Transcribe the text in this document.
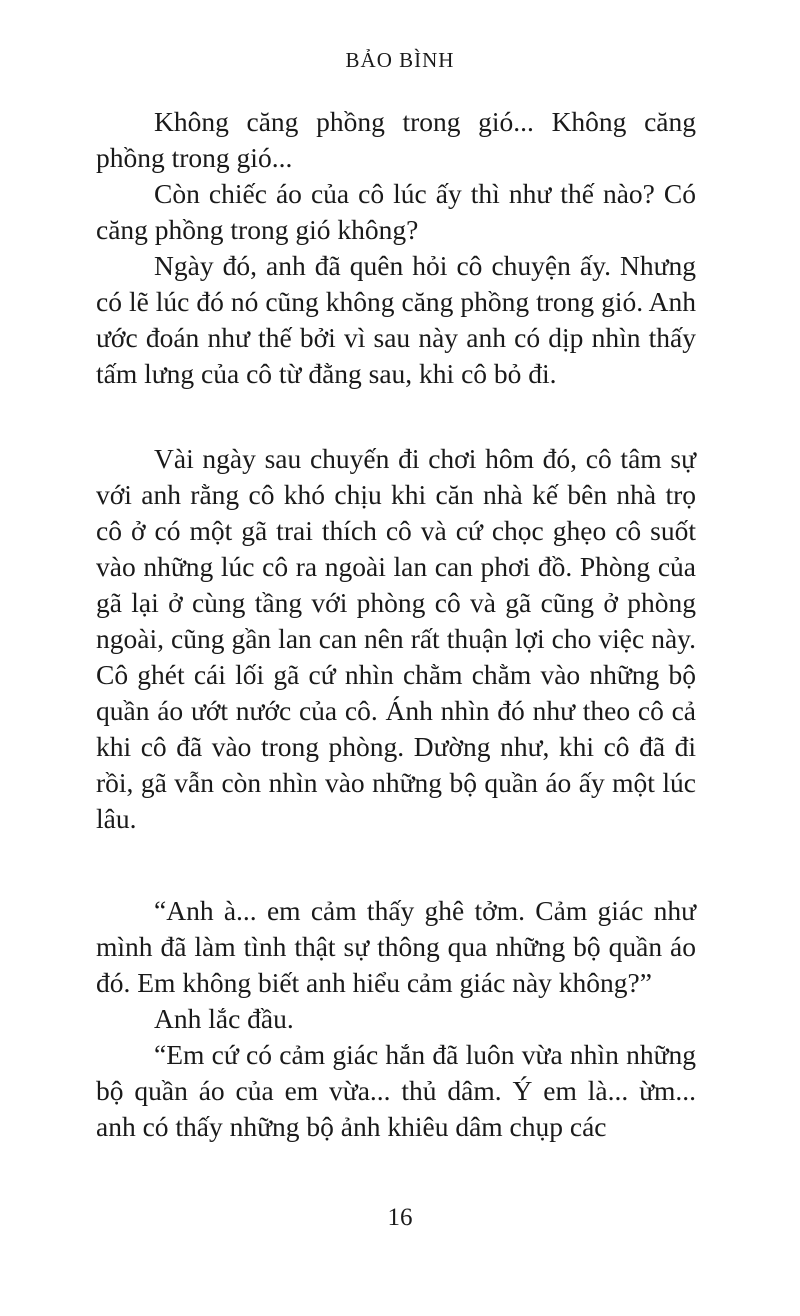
BẢO BÌNH

Không căng phồng trong gió... Không căng phồng trong gió...

Còn chiếc áo của cô lúc ấy thì như thế nào? Có căng phồng trong gió không?

Ngày đó, anh đã quên hỏi cô chuyện ấy. Nhưng có lẽ lúc đó nó cũng không căng phồng trong gió. Anh ước đoán như thế bởi vì sau này anh có dịp nhìn thấy tấm lưng của cô từ đằng sau, khi cô bỏ đi.

Vài ngày sau chuyến đi chơi hôm đó, cô tâm sự với anh rằng cô khó chịu khi căn nhà kế bên nhà trọ cô ở có một gã trai thích cô và cứ chọc ghẹo cô suốt vào những lúc cô ra ngoài lan can phơi đồ. Phòng của gã lại ở cùng tầng với phòng cô và gã cũng ở phòng ngoài, cũng gần lan can nên rất thuận lợi cho việc này. Cô ghét cái lối gã cứ nhìn chằm chằm vào những bộ quần áo ướt nước của cô. Ánh nhìn đó như theo cô cả khi cô đã vào trong phòng. Dường như, khi cô đã đi rồi, gã vẫn còn nhìn vào những bộ quần áo ấy một lúc lâu.

“Anh à... em cảm thấy ghê tởm. Cảm giác như mình đã làm tình thật sự thông qua những bộ quần áo đó. Em không biết anh hiểu cảm giác này không?”

Anh lắc đầu.

“Em cứ có cảm giác hắn đã luôn vừa nhìn những bộ quần áo của em vừa... thủ dâm. Ý em là... ừm... anh có thấy những bộ ảnh khiêu dâm chụp các

16
